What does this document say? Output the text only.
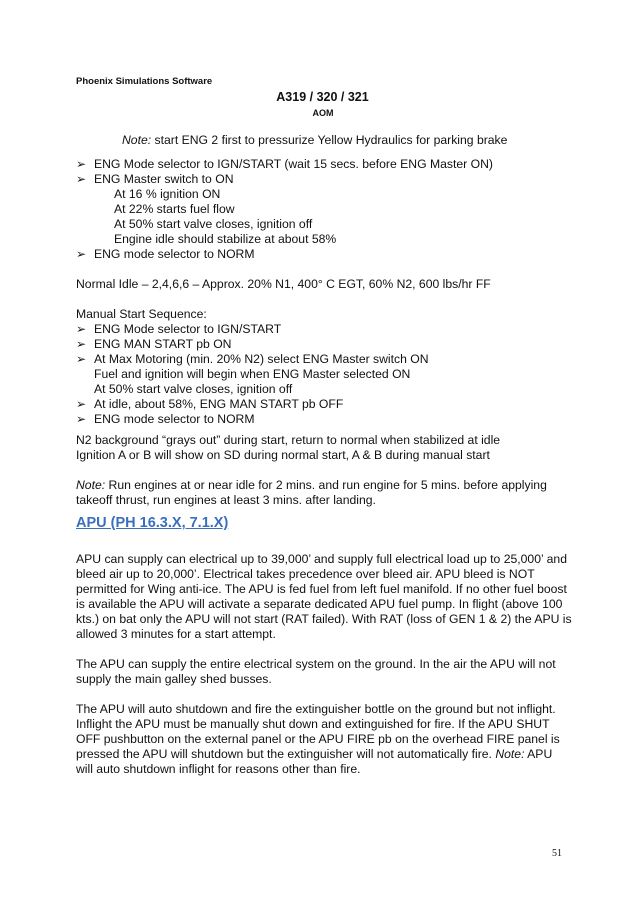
Phoenix Simulations Software
A319 / 320 / 321
AOM

Note: start ENG 2 first to pressurize Yellow Hydraulics for parking brake

➢ ENG Mode selector to IGN/START (wait 15 secs. before ENG Master ON)
➢ ENG Master switch to ON
At 16 % ignition ON
At 22% starts fuel flow
At 50% start valve closes, ignition off
Engine idle should stabilize at about 58%
➢ ENG mode selector to NORM

Normal Idle – 2,4,6,6 – Approx. 20% N1, 400° C EGT, 60% N2, 600 lbs/hr FF

Manual Start Sequence:

➢ ENG Mode selector to IGN/START
➢ ENG MAN START pb ON
➢ At Max Motoring (min. 20% N2) select ENG Master switch ON
Fuel and ignition will begin when ENG Master selected ON
At 50% start valve closes, ignition off
➢ At idle, about 58%, ENG MAN START pb OFF
➢ ENG mode selector to NORM

N2 background “grays out” during start, return to normal when stabilized at idle

Ignition A or B will show on SD during normal start, A & B during manual start

Note: Run engines at or near idle for 2 mins. and run engine for 5 mins. before applying takeoff thrust, run engines at least 3 mins. after landing.

APU (PH 16.3.X, 7.1.X)

APU can supply can electrical up to 39,000’ and supply full electrical load up to 25,000’ and bleed air up to 20,000’. Electrical takes precedence over bleed air. APU bleed is NOT permitted for Wing anti-ice. The APU is fed fuel from left fuel manifold. If no other fuel boost is available the APU will activate a separate dedicated APU fuel pump. In flight (above 100 kts.) on bat only the APU will not start (RAT failed). With RAT (loss of GEN 1 & 2) the APU is allowed 3 minutes for a start attempt.

The APU can supply the entire electrical system on the ground. In the air the APU will not supply the main galley shed busses.

The APU will auto shutdown and fire the extinguisher bottle on the ground but not inflight. Inflight the APU must be manually shut down and extinguished for fire. If the APU SHUT OFF pushbutton on the external panel or the APU FIRE pb on the overhead FIRE panel is pressed the APU will shutdown but the extinguisher will not automatically fire. Note: APU will auto shutdown inflight for reasons other than fire.

51
